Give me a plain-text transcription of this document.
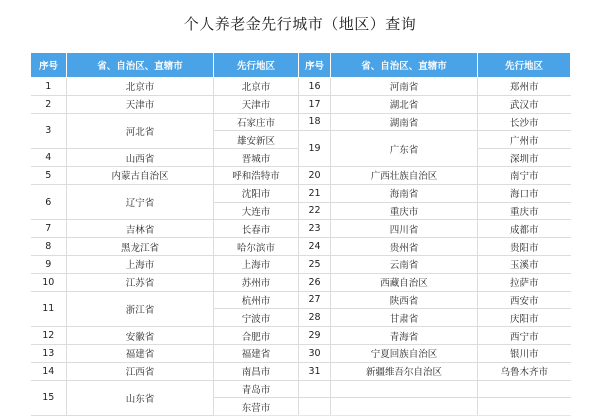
个人养老金先行城市（地区）查询
序号	省、自治区、直辖市	先行地区	序号	省、自治区、直辖市	先行地区
1	北京市	北京市	16	河南省	郑州市
2	天津市	天津市	17	湖北省	武汉市
3	河北省	石家庄市	18	湖南省	长沙市
		雄安新区	19	广东省	广州市
4	山西省	晋城市			深圳市
5	内蒙古自治区	呼和浩特市	20	广西壮族自治区	南宁市
6	辽宁省	沈阳市	21	海南省	海口市
		大连市	22	重庆市	重庆市
7	吉林省	长春市	23	四川省	成都市
8	黑龙江省	哈尔滨市	24	贵州省	贵阳市
9	上海市	上海市	25	云南省	玉溪市
10	江苏省	苏州市	26	西藏自治区	拉萨市
11	浙江省	杭州市	27	陕西省	西安市
		宁波市	28	甘肃省	庆阳市
12	安徽省	合肥市	29	青海省	西宁市
13	福建省	福建省	30	宁夏回族自治区	银川市
14	江西省	南昌市	31	新疆维吾尔自治区	乌鲁木齐市
15	山东省	青岛市			
		东营市			
